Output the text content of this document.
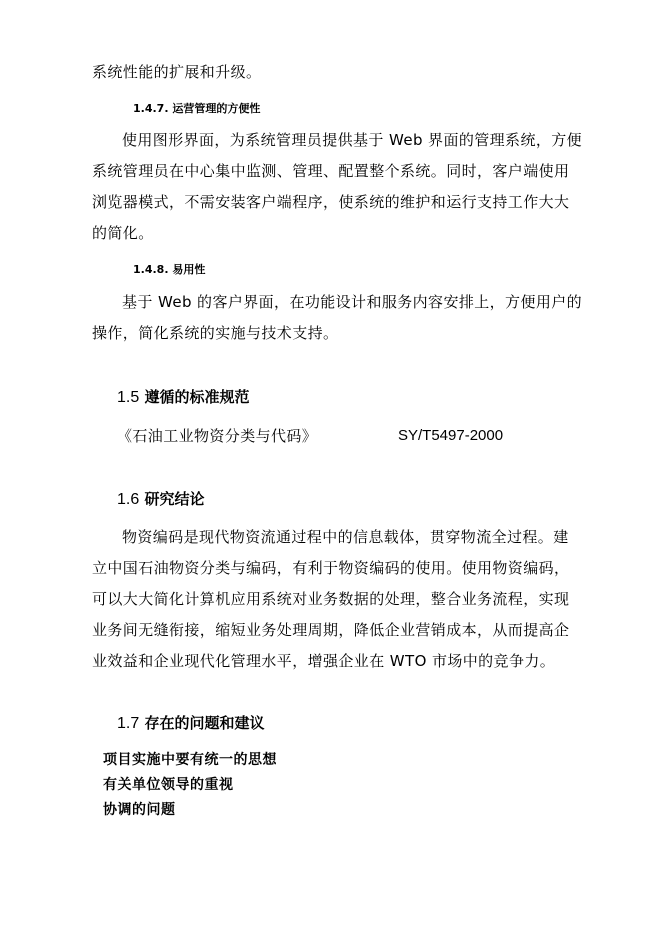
系统性能的扩展和升级。
1.4.7. 运营管理的方便性
使用图形界面，为系统管理员提供基于 Web 界面的管理系统，方便
系统管理员在中心集中监测、管理、配置整个系统。同时，客户端使用
浏览器模式，不需安装客户端程序，使系统的维护和运行支持工作大大
的简化。
1.4.8. 易用性
基于 Web 的客户界面，在功能设计和服务内容安排上，方便用户的
操作，简化系统的实施与技术支持。
1.5 遵循的标准规范
《石油工业物资分类与代码》	SY/T5497-2000
1.6 研究结论
物资编码是现代物资流通过程中的信息载体，贯穿物流全过程。建
立中国石油物资分类与编码，有利于物资编码的使用。使用物资编码，
可以大大简化计算机应用系统对业务数据的处理，整合业务流程，实现
业务间无缝衔接，缩短业务处理周期，降低企业营销成本，从而提高企
业效益和企业现代化管理水平，增强企业在 WTO 市场中的竞争力。
1.7 存在的问题和建议
项目实施中要有统一的思想
有关单位领导的重视
协调的问题
